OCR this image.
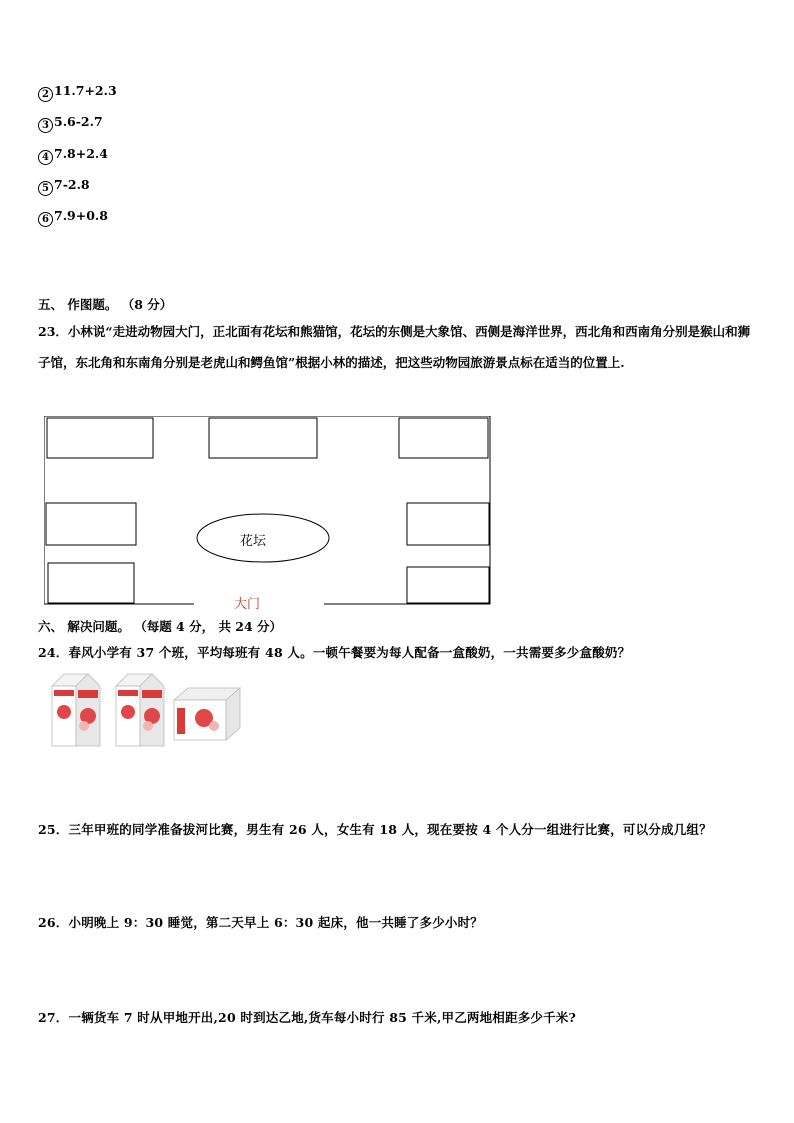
2 11.7+2.3
3 5.6-2.7
4 7.8+2.4
5 7-2.8
6 7.9+0.8
五、 作图题。 （8 分）
23．小林说“走进动物园大门，正北面有花坛和熊猫馆，花坛的东侧是大象馆、西侧是海洋世界，西北角和西南角分别是猴山和狮子馆，东北角和东南角分别是老虎山和鳄鱼馆”根据小林的描述，把这些动物园旅游景点标在适当的位置上.
花坛
大门
六、 解决问题。 （每题 4 分， 共 24 分）
24．春风小学有 37 个班，平均每班有 48 人。一顿午餐要为每人配备一盒酸奶，一共需要多少盒酸奶？
25．三年甲班的同学准备拔河比赛，男生有 26 人，女生有 18 人，现在要按 4 个人分一组进行比赛，可以分成几组？
26．小明晚上 9：30 睡觉，第二天早上 6：30 起床，他一共睡了多少小时？
27．一辆货车 7 时从甲地开出,20 时到达乙地,货车每小时行 85 千米,甲乙两地相距多少千米?
